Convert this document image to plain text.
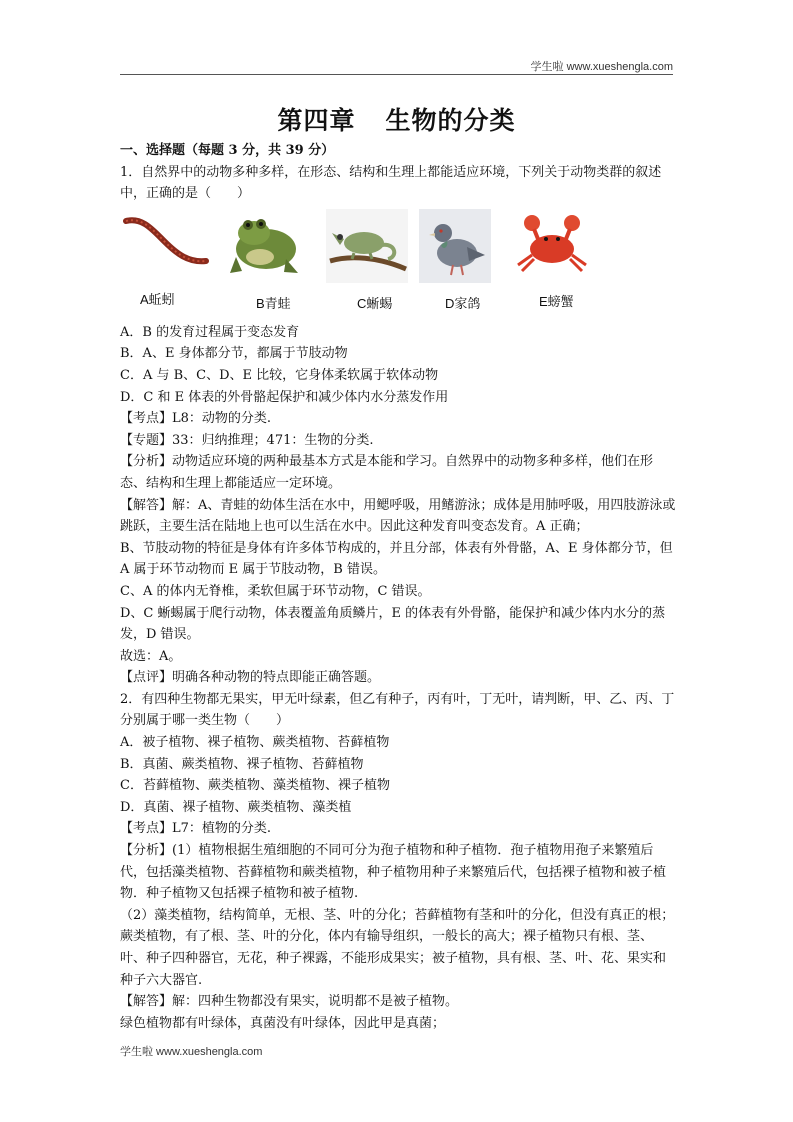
学生啦 www.xueshengla.com
第四章 生物的分类

一、选择题（每题 3 分，共 39 分）

1．自然界中的动物多种多样，在形态、结构和生理上都能适应环境，下列关于动物类群的叙述中，正确的是（　　）

A蚯蚓	B青蛙	C蜥蜴	D家鸽	E螃蟹

A．B 的发育过程属于变态发育

B．A、E 身体都分节，都属于节肢动物

C．A 与 B、C、D、E 比较，它身体柔软属于软体动物

D．C 和 E 体表的外骨骼起保护和减少体内水分蒸发作用

【考点】L8：动物的分类.

【专题】33：归纳推理；471：生物的分类.

【分析】动物适应环境的两种最基本方式是本能和学习。自然界中的动物多种多样，他们在形态、结构和生理上都能适应一定环境。

【解答】解：A、青蛙的幼体生活在水中，用鳃呼吸，用鳍游泳；成体是用肺呼吸，用四肢游泳或跳跃，主要生活在陆地上也可以生活在水中。因此这种发育叫变态发育。A 正确；

B、节肢动物的特征是身体有许多体节构成的，并且分部，体表有外骨骼，A、E 身体都分节，但 A 属于环节动物而 E 属于节肢动物，B 错误。

C、A 的体内无脊椎，柔软但属于环节动物，C 错误。

D、C 蜥蜴属于爬行动物，体表覆盖角质鳞片，E 的体表有外骨骼，能保护和减少体内水分的蒸发，D 错误。

故选：A。

【点评】明确各种动物的特点即能正确答题。

2．有四种生物都无果实，甲无叶绿素，但乙有种子，丙有叶，丁无叶，请判断，甲、乙、丙、丁分别属于哪一类生物（　　）

A．被子植物、裸子植物、蕨类植物、苔藓植物

B．真菌、蕨类植物、裸子植物、苔藓植物

C．苔藓植物、蕨类植物、藻类植物、裸子植物

D．真菌、裸子植物、蕨类植物、藻类植

【考点】L7：植物的分类.

【分析】(1）植物根据生殖细胞的不同可分为孢子植物和种子植物．孢子植物用孢子来繁殖后代，包括藻类植物、苔藓植物和蕨类植物，种子植物用种子来繁殖后代，包括裸子植物和被子植物．种子植物又包括裸子植物和被子植物.

（2）藻类植物，结构简单，无根、茎、叶的分化；苔藓植物有茎和叶的分化，但没有真正的根；蕨类植物，有了根、茎、叶的分化，体内有输导组织，一般长的高大；裸子植物只有根、茎、叶、种子四种器官，无花，种子裸露，不能形成果实；被子植物，具有根、茎、叶、花、果实和种子六大器官.

【解答】解：四种生物都没有果实，说明都不是被子植物。

绿色植物都有叶绿体，真菌没有叶绿体，因此甲是真菌；

学生啦 www.xueshengla.com
